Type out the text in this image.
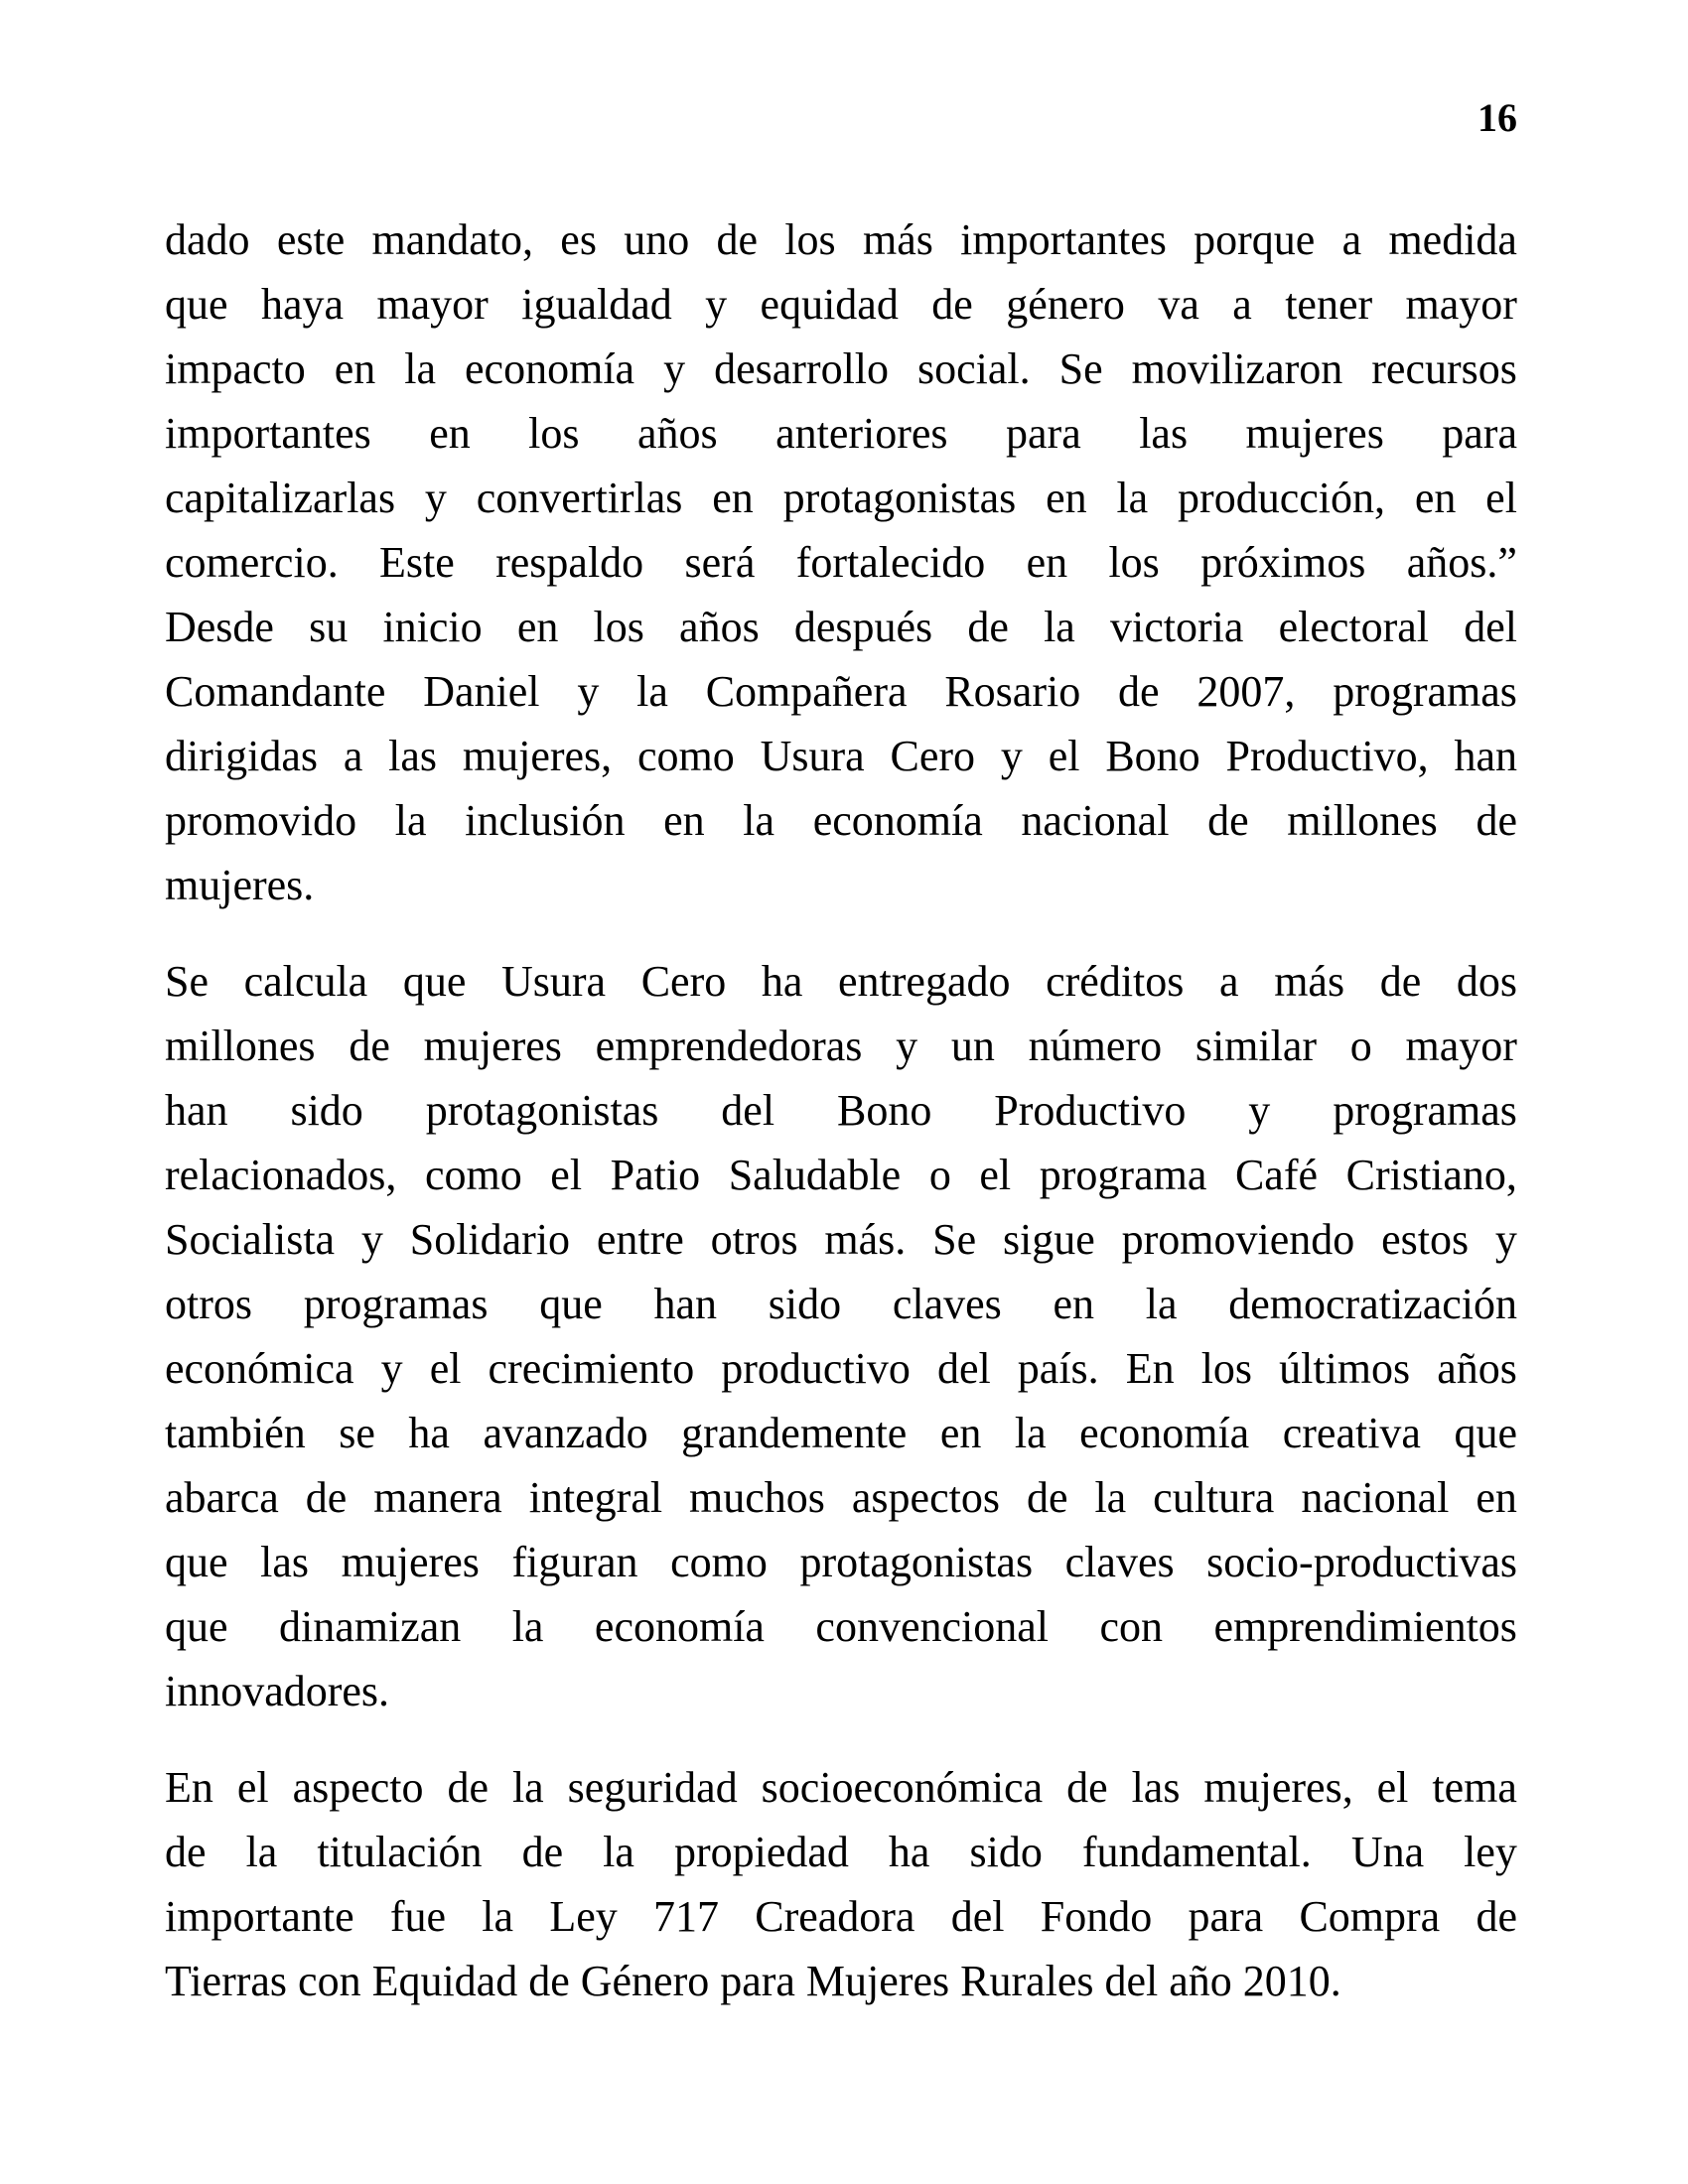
16
dado este mandato, es uno de los más importantes porque a medida
que haya mayor igualdad y equidad de género va a tener mayor
impacto en la economía y desarrollo social. Se movilizaron recursos
importantes en los años anteriores para las mujeres para
capitalizarlas y convertirlas en protagonistas en la producción, en el
comercio. Este respaldo será fortalecido en los próximos años.”
Desde su inicio en los años después de la victoria electoral del
Comandante Daniel y la Compañera Rosario de 2007, programas
dirigidas a las mujeres, como Usura Cero y el Bono Productivo, han
promovido la inclusión en la economía nacional de millones de
mujeres.
Se calcula que Usura Cero ha entregado créditos a más de dos
millones de mujeres emprendedoras y un número similar o mayor
han sido protagonistas del Bono Productivo y programas
relacionados, como el Patio Saludable o el programa Café Cristiano,
Socialista y Solidario entre otros más. Se sigue promoviendo estos y
otros programas que han sido claves en la democratización
económica y el crecimiento productivo del país. En los últimos años
también se ha avanzado grandemente en la economía creativa que
abarca de manera integral muchos aspectos de la cultura nacional en
que las mujeres figuran como protagonistas claves socio-productivas
que dinamizan la economía convencional con emprendimientos
innovadores.
En el aspecto de la seguridad socioeconómica de las mujeres, el tema
de la titulación de la propiedad ha sido fundamental. Una ley
importante fue la Ley 717 Creadora del Fondo para Compra de
Tierras con Equidad de Género para Mujeres Rurales del año 2010.
